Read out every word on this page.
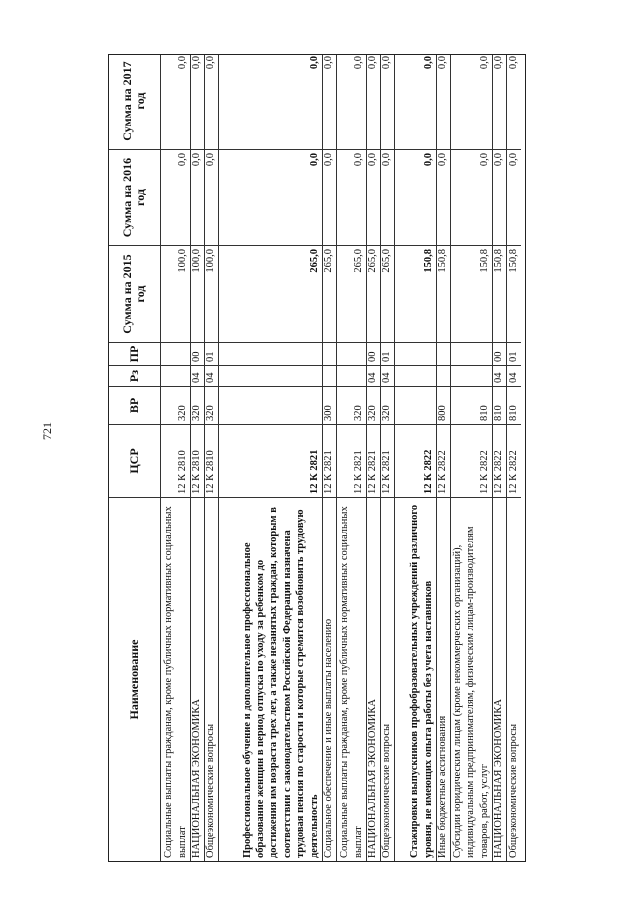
721
Наименование
ЦСР
ВР
Рз
ПР
Сумма на 2015 год
Сумма на 2016 год
Сумма на 2017 год
Социальные выплаты гражданам, кроме публичных нормативных социальных выплат
12 К 2810
320
100,0
0,0
0,0
НАЦИОНАЛЬНАЯ ЭКОНОМИКА
12 К 2810
320
04
00
100,0
0,0
0,0
Общеэкономические вопросы
12 К 2810
320
04
01
100,0
0,0
0,0
Профессиональное обучение и дополнительное профессиональное образование женщин в период отпуска по уходу за ребенком до достижения им возраста трех лет, а также незанятых граждан, которым в соответствии с законодательством Российской Федерации назначена трудовая пенсия по старости и которые стремятся возобновить трудовую деятельность
12 К 2821
265,0
0,0
0,0
Социальное обеспечение и иные выплаты населению
12 К 2821
300
265,0
0,0
0,0
Социальные выплаты гражданам, кроме публичных нормативных социальных выплат
12 К 2821
320
265,0
0,0
0,0
НАЦИОНАЛЬНАЯ ЭКОНОМИКА
12 К 2821
320
04
00
265,0
0,0
0,0
Общеэкономические вопросы
12 К 2821
320
04
01
265,0
0,0
0,0
Стажировки выпускников профобразовательных учреждений различного уровня, не имеющих опыта работы без учета наставников
12 К 2822
150,8
0,0
0,0
Иные бюджетные ассигнования
12 К 2822
800
150,8
0,0
0,0
Субсидии юридическим лицам (кроме некоммерческих организаций), индивидуальным предпринимателям, физическим лицам-производителям товаров, работ, услуг
12 К 2822
810
150,8
0,0
0,0
НАЦИОНАЛЬНАЯ ЭКОНОМИКА
12 К 2822
810
04
00
150,8
0,0
0,0
Общеэкономические вопросы
12 К 2822
810
04
01
150,8
0,0
0,0
